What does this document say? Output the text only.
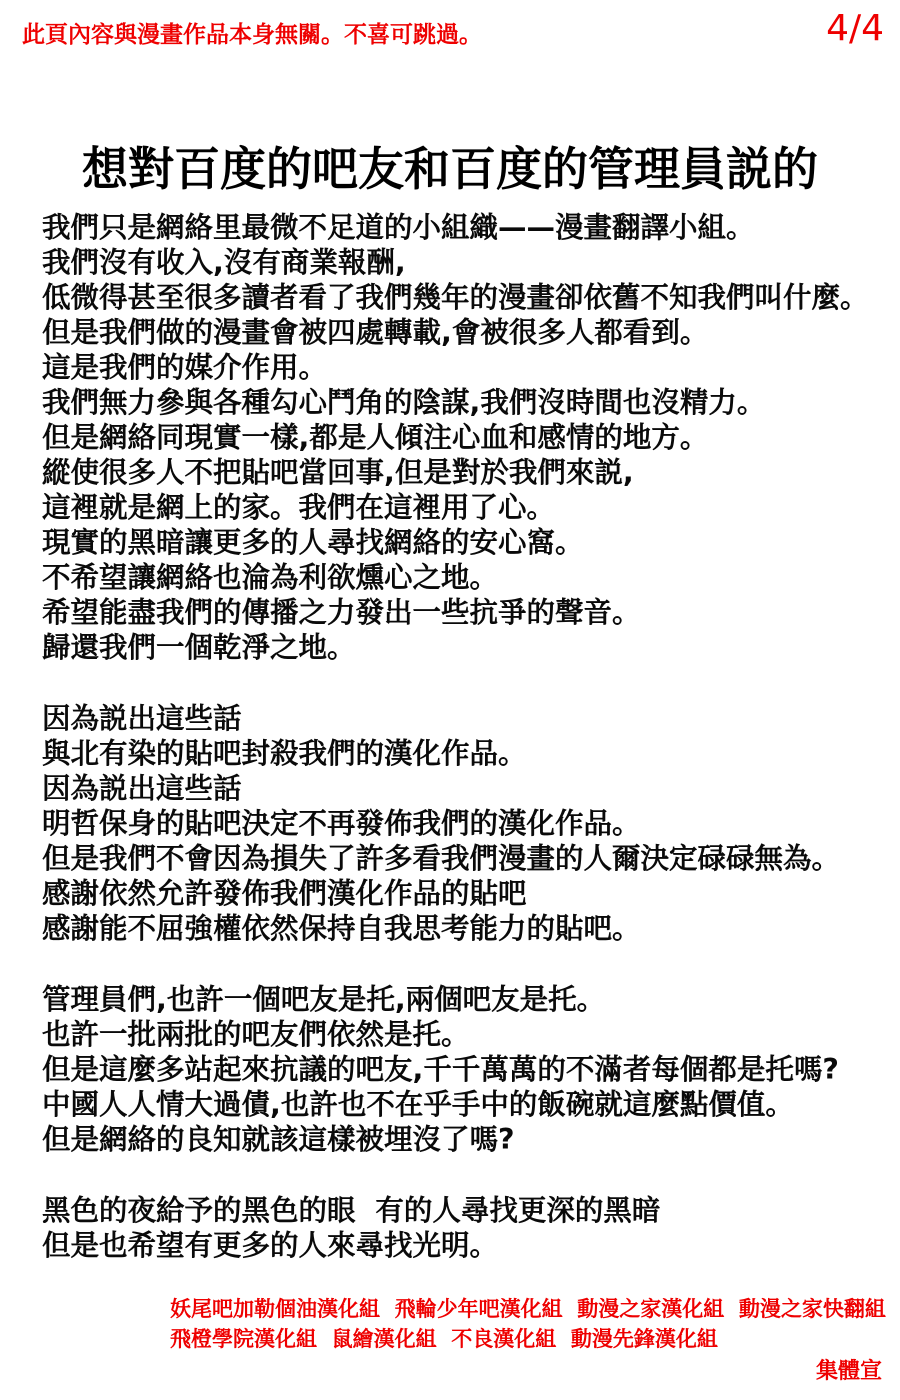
此頁內容與漫畫作品本身無關。不喜可跳過。	4/4
想對百度的吧友和百度的管理員説的
我們只是網絡里最微不足道的小組織——漫畫翻譯小組。
我們沒有收入,沒有商業報酬,
低微得甚至很多讀者看了我們幾年的漫畫卻依舊不知我們叫什麼。
但是我們做的漫畫會被四處轉載,會被很多人都看到。
這是我們的媒介作用。
我們無力參與各種勾心鬥角的陰謀,我們沒時間也沒精力。
但是網絡同現實一樣,都是人傾注心血和感情的地方。
縱使很多人不把貼吧當回事,但是對於我們來説,
這裡就是網上的家。我們在這裡用了心。
現實的黑暗讓更多的人尋找網絡的安心窩。
不希望讓網絡也淪為利欲燻心之地。
希望能盡我們的傳播之力發出一些抗爭的聲音。
歸還我們一個乾淨之地。
因為説出這些話
與北有染的貼吧封殺我們的漢化作品。
因為説出這些話
明哲保身的貼吧決定不再發佈我們的漢化作品。
但是我們不會因為損失了許多看我們漫畫的人爾決定碌碌無為。
感謝依然允許發佈我們漢化作品的貼吧
感謝能不屈強權依然保持自我思考能力的貼吧。
管理員們,也許一個吧友是托,兩個吧友是托。
也許一批兩批的吧友們依然是托。
但是這麼多站起來抗議的吧友,千千萬萬的不滿者每個都是托嗎?
中國人人情大過債,也許也不在乎手中的飯碗就這麼點價值。
但是網絡的良知就該這樣被埋沒了嗎?
黑色的夜給予的黑色的眼  有的人尋找更深的黑暗
但是也希望有更多的人來尋找光明。
妖尾吧加勒個油漢化組  飛輪少年吧漢化組  動漫之家漢化組  動漫之家快翻組
飛橙學院漢化組  鼠繪漢化組  不良漢化組  動漫先鋒漢化組
集體宣
